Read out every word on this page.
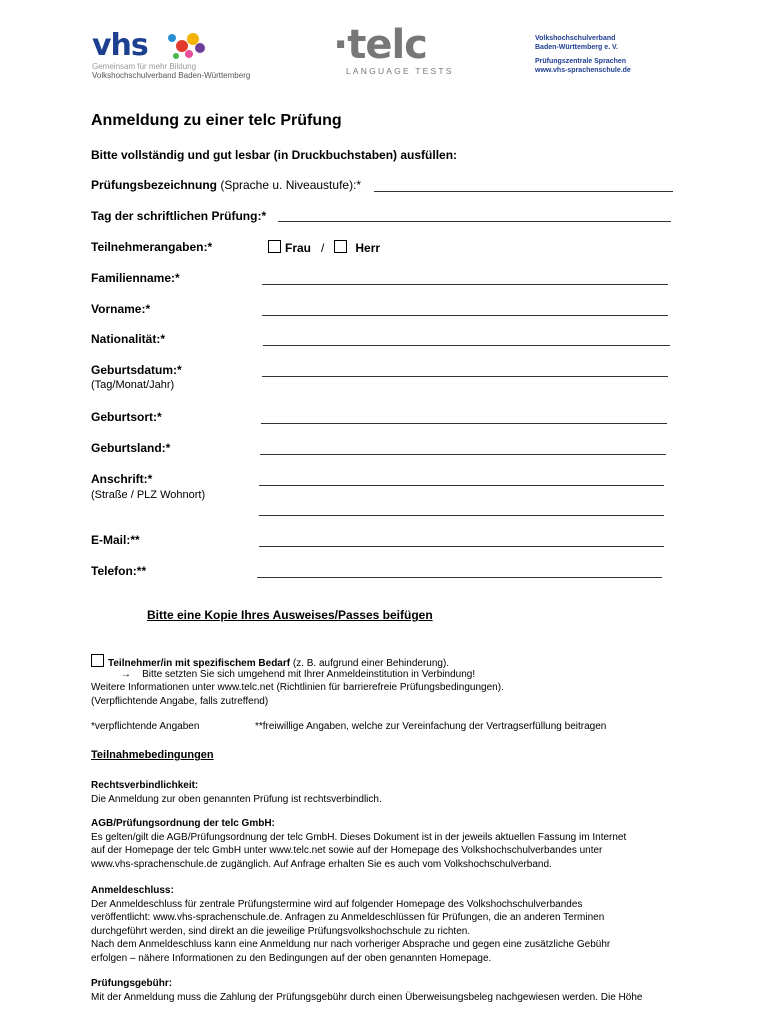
vhs
Gemeinsam für mehr Bildung
Volkshochschulverband Baden-Württemberg
·telc
LANGUAGE TESTS
Volkshochschulverband
Baden-Württemberg e. V.
Prüfungszentrale Sprachen
www.vhs-sprachenschule.de
Anmeldung zu einer telc Prüfung
Bitte vollständig und gut lesbar (in Druckbuchstaben) ausfüllen:
Prüfungsbezeichnung (Sprache u. Niveaustufe):*
Tag der schriftlichen Prüfung:*
Teilnehmerangaben:*	Frau /	Herr
Familienname:*
Vorname:*
Nationalität:*
Geburtsdatum:*
(Tag/Monat/Jahr)
Geburtsort:*
Geburtsland:*
Anschrift:*
(Straße / PLZ Wohnort)
E-Mail:**
Telefon:**
Bitte eine Kopie Ihres Ausweises/Passes beifügen
Teilnehmer/in mit spezifischem Bedarf (z. B. aufgrund einer Behinderung).
→ Bitte setzten Sie sich umgehend mit Ihrer Anmeldeinstitution in Verbindung!
Weitere Informationen unter www.telc.net (Richtlinien für barrierefreie Prüfungsbedingungen).
(Verpflichtende Angabe, falls zutreffend)
*verpflichtende Angaben	**freiwillige Angaben, welche zur Vereinfachung der Vertragserfüllung beitragen
Teilnahmebedingungen
Rechtsverbindlichkeit:
Die Anmeldung zur oben genannten Prüfung ist rechtsverbindlich.
AGB/Prüfungsordnung der telc GmbH:
Es gelten/gilt die AGB/Prüfungsordnung der telc GmbH. Dieses Dokument ist in der jeweils aktuellen Fassung im Internet
auf der Homepage der telc GmbH unter www.telc.net sowie auf der Homepage des Volkshochschulverbandes unter
www.vhs-sprachenschule.de zugänglich. Auf Anfrage erhalten Sie es auch vom Volkshochschulverband.
Anmeldeschluss:
Der Anmeldeschluss für zentrale Prüfungstermine wird auf folgender Homepage des Volkshochschulverbandes
veröffentlicht: www.vhs-sprachenschule.de. Anfragen zu Anmeldeschlüssen für Prüfungen, die an anderen Terminen
durchgeführt werden, sind direkt an die jeweilige Prüfungsvolkshochschule zu richten.
Nach dem Anmeldeschluss kann eine Anmeldung nur nach vorheriger Absprache und gegen eine zusätzliche Gebühr
erfolgen – nähere Informationen zu den Bedingungen auf der oben genannten Homepage.
Prüfungsgebühr:
Mit der Anmeldung muss die Zahlung der Prüfungsgebühr durch einen Überweisungsbeleg nachgewiesen werden. Die Höhe
